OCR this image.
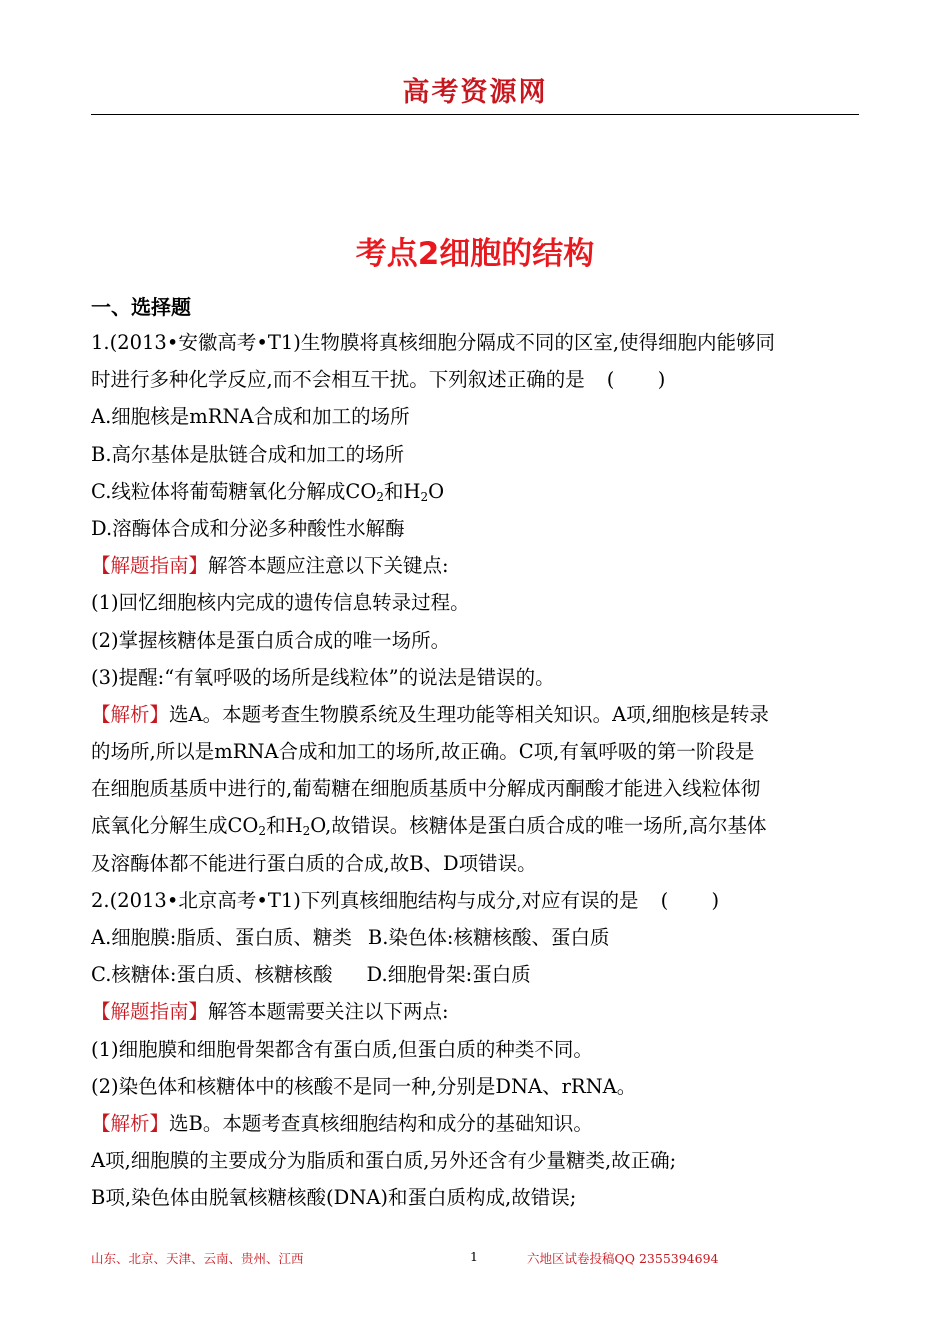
高考资源网
考点2细胞的结构
一、选择题
1.(2013•安徽高考•T1)生物膜将真核细胞分隔成不同的区室,使得细胞内能够同
时进行多种化学反应,而不会相互干扰。下列叙述正确的是 (       )
A.细胞核是mRNA合成和加工的场所
B.高尔基体是肽链合成和加工的场所
C.线粒体将葡萄糖氧化分解成$CO_2$和$H_2O$
D.溶酶体合成和分泌多种酸性水解酶
【解题指南】解答本题应注意以下关键点:
(1)回忆细胞核内完成的遗传信息转录过程。
(2)掌握核糖体是蛋白质合成的唯一场所。
(3)提醒:“有氧呼吸的场所是线粒体”的说法是错误的。
【解析】选A。本题考查生物膜系统及生理功能等相关知识。A项,细胞核是转录
的场所,所以是mRNA合成和加工的场所,故正确。C项,有氧呼吸的第一阶段是
在细胞质基质中进行的,葡萄糖在细胞质基质中分解成丙酮酸才能进入线粒体彻
底氧化分解生成$CO_2$和$H_2O$,故错误。核糖体是蛋白质合成的唯一场所,高尔基体
及溶酶体都不能进行蛋白质的合成,故B、D项错误。
2.(2013•北京高考•T1)下列真核细胞结构与成分,对应有误的是 (       )
A.细胞膜:脂质、蛋白质、糖类 B.染色体:核糖核酸、蛋白质
C.核糖体:蛋白质、核糖核酸 D.细胞骨架:蛋白质
【解题指南】解答本题需要关注以下两点:
(1)细胞膜和细胞骨架都含有蛋白质,但蛋白质的种类不同。
(2)染色体和核糖体中的核酸不是同一种,分别是DNA、rRNA。
【解析】选B。本题考查真核细胞结构和成分的基础知识。
A项,细胞膜的主要成分为脂质和蛋白质,另外还含有少量糖类,故正确;
B项,染色体由脱氧核糖核酸(DNA)和蛋白质构成,故错误;
山东、北京、天津、云南、贵州、江西	1	六地区试卷投稿QQ 2355394694
